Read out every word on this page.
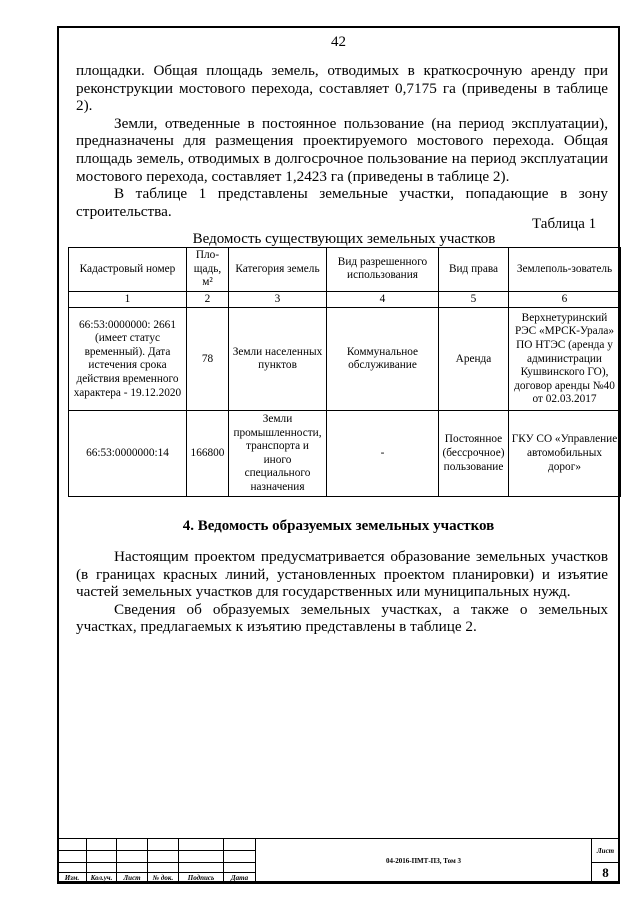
42

площадки. Общая площадь земель, отводимых в краткосрочную аренду при реконструкции мостового перехода, составляет 0,7175 га (приведены в таблице 2).

Земли, отведенные в постоянное пользование (на период эксплуатации), предназначены для размещения проектируемого мостового перехода. Общая площадь земель, отводимых в долгосрочное пользование на период эксплуатации мостового перехода, составляет 1,2423 га (приведены в таблице 2).

В таблице 1 представлены земельные участки, попадающие в зону строительства.

Таблица 1
Ведомость существующих земельных участков
Кадастровый номер	Пло-щадь, м²	Категория земель	Вид разрешенного использования	Вид права	Землеполь-зователь
1	2	3	4	5	6
66:53:0000000: 2661 (имеет статус временный). Дата истечения срока действия временного характера - 19.12.2020	78	Земли населенных пунктов	Коммунальное обслуживание	Аренда	Верхнетуринский РЭС «МРСК-Урала» ПО НТЭС (аренда у администрации Кушвинского ГО), договор аренды №40 от 02.03.2017
66:53:0000000:14	166800	Земли промышленности, транспорта и иного специального назначения	-	Постоянное (бессрочное) пользование	ГКУ СО «Управление автомобильных дорог»
4. Ведомость образуемых земельных участков

Настоящим проектом предусматривается образование земельных участков (в границах красных линий, установленных проектом планировки) и изъятие частей земельных участков для государственных или муниципальных нужд.

Сведения об образуемых земельных участках, а также о земельных участках, предлагаемых к изъятию представлены в таблице 2.

						04-2016-ПМТ-ПЗ, Том 3	Лист

							8
Изм.	Кол.уч.	Лист	№ док.	Подпись	Дата		
